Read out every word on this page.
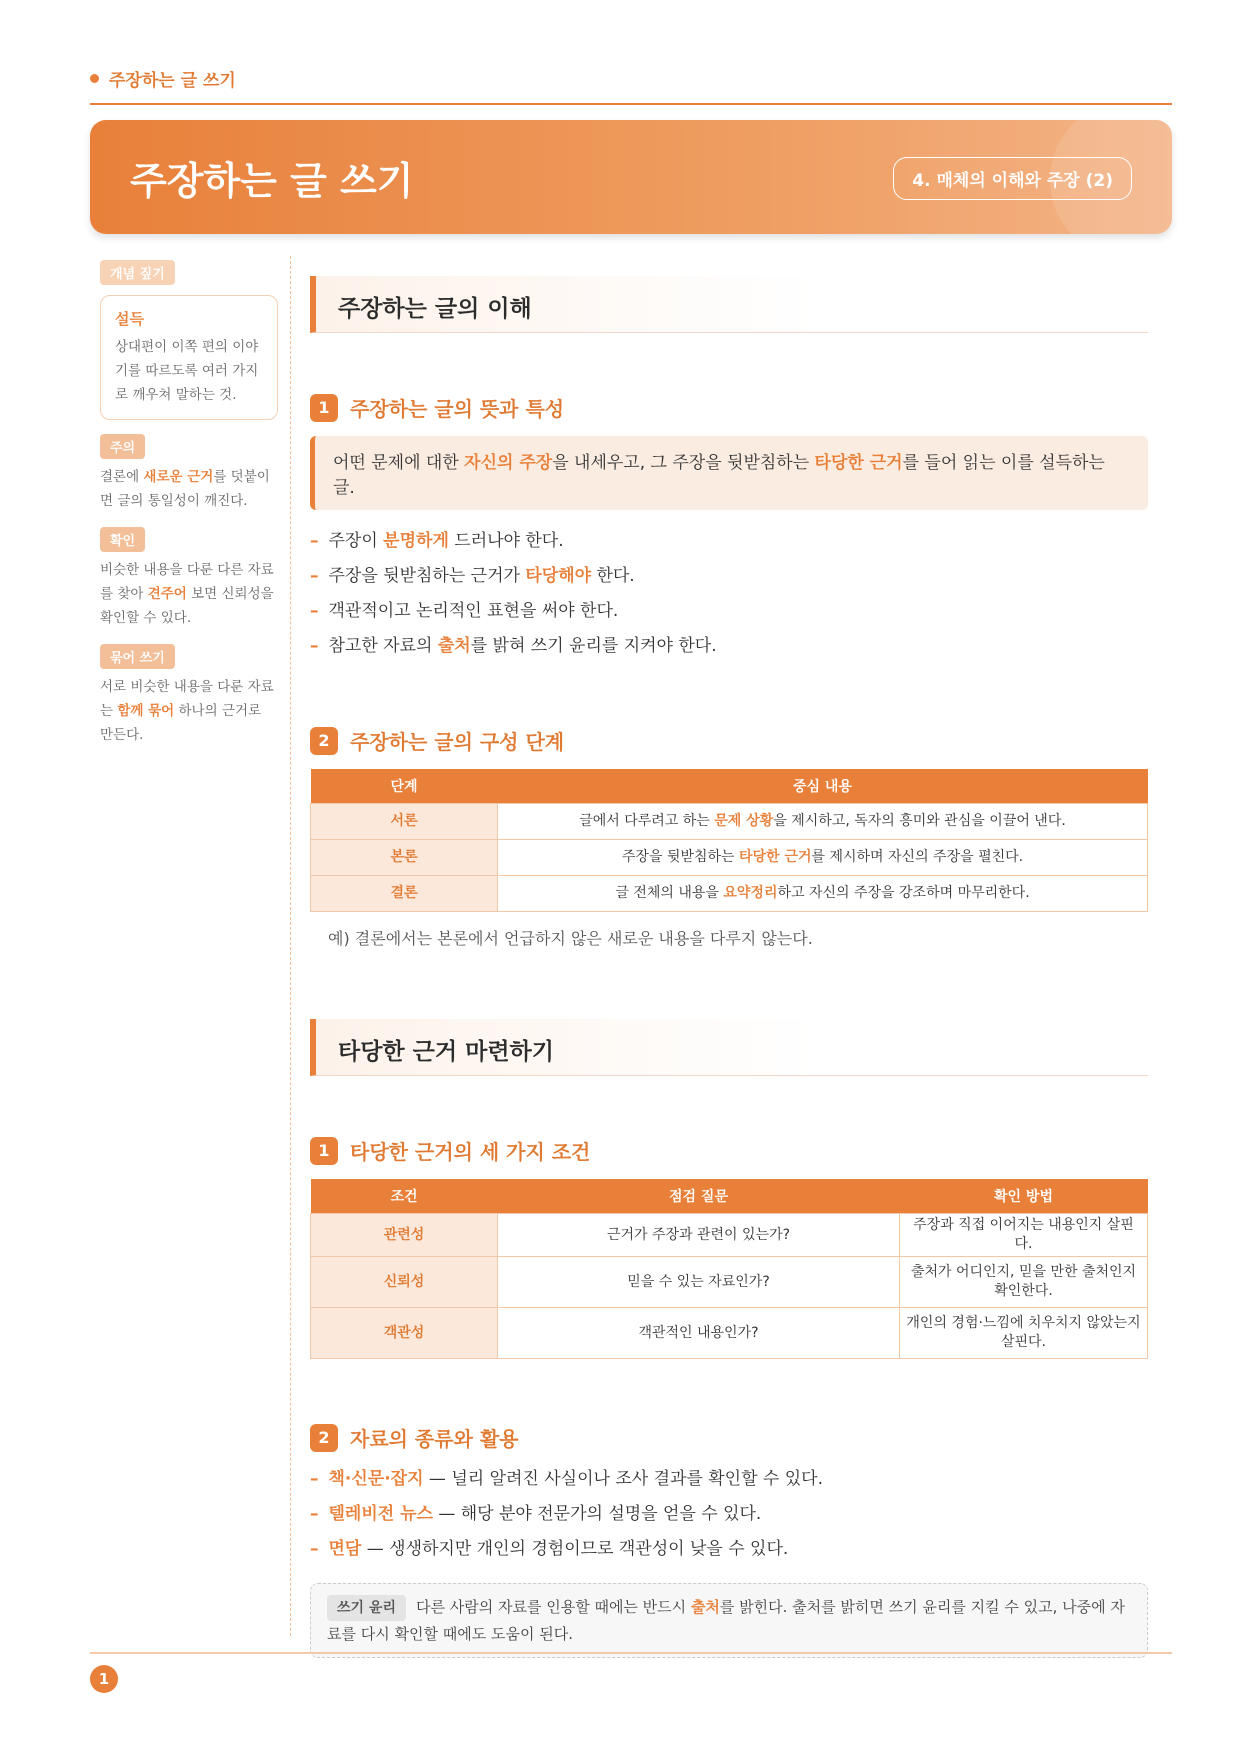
주장하는 글 쓰기
주장하는 글 쓰기	4. 매체의 이해와 주장 (2)
개념 짚기
설득
상대편이 이쪽 편의 이야기를 따르도록 여러 가지로 깨우쳐 말하는 것.
주의
결론에 새로운 근거를 덧붙이면 글의 통일성이 깨진다.
확인
비슷한 내용을 다룬 다른 자료를 찾아 견주어 보면 신뢰성을 확인할 수 있다.
묶어 쓰기
서로 비슷한 내용을 다룬 자료는 함께 묶어 하나의 근거로 만든다.
주장하는 글의 이해
1	주장하는 글의 뜻과 특성
어떤 문제에 대한 자신의 주장을 내세우고, 그 주장을 뒷받침하는 타당한 근거를 들어 읽는 이를 설득하는 글.
– 주장이 분명하게 드러나야 한다.
– 주장을 뒷받침하는 근거가 타당해야 한다.
– 객관적이고 논리적인 표현을 써야 한다.
– 참고한 자료의 출처를 밝혀 쓰기 윤리를 지켜야 한다.
2	주장하는 글의 구성 단계
단계	중심 내용
서론	글에서 다루려고 하는 문제 상황을 제시하고, 독자의 흥미와 관심을 이끌어 낸다.
본론	주장을 뒷받침하는 타당한 근거를 제시하며 자신의 주장을 펼친다.
결론	글 전체의 내용을 요약정리하고 자신의 주장을 강조하며 마무리한다.
예) 결론에서는 본론에서 언급하지 않은 새로운 내용을 다루지 않는다.
타당한 근거 마련하기
1	타당한 근거의 세 가지 조건
조건	점검 질문	확인 방법
관련성	근거가 주장과 관련이 있는가?	주장과 직접 이어지는 내용인지 살핀다.
신뢰성	믿을 수 있는 자료인가?	출처가 어디인지, 믿을 만한 출처인지 확인한다.
객관성	객관적인 내용인가?	개인의 경험·느낌에 치우치지 않았는지 살핀다.
2	자료의 종류와 활용
– 책·신문·잡지 — 널리 알려진 사실이나 조사 결과를 확인할 수 있다.
– 텔레비전 뉴스 — 해당 분야 전문가의 설명을 얻을 수 있다.
– 면담 — 생생하지만 개인의 경험이므로 객관성이 낮을 수 있다.
쓰기 윤리 다른 사람의 자료를 인용할 때에는 반드시 출처를 밝힌다. 출처를 밝히면 쓰기 윤리를 지킬 수 있고, 나중에 자료를 다시 확인할 때에도 도움이 된다.
1
